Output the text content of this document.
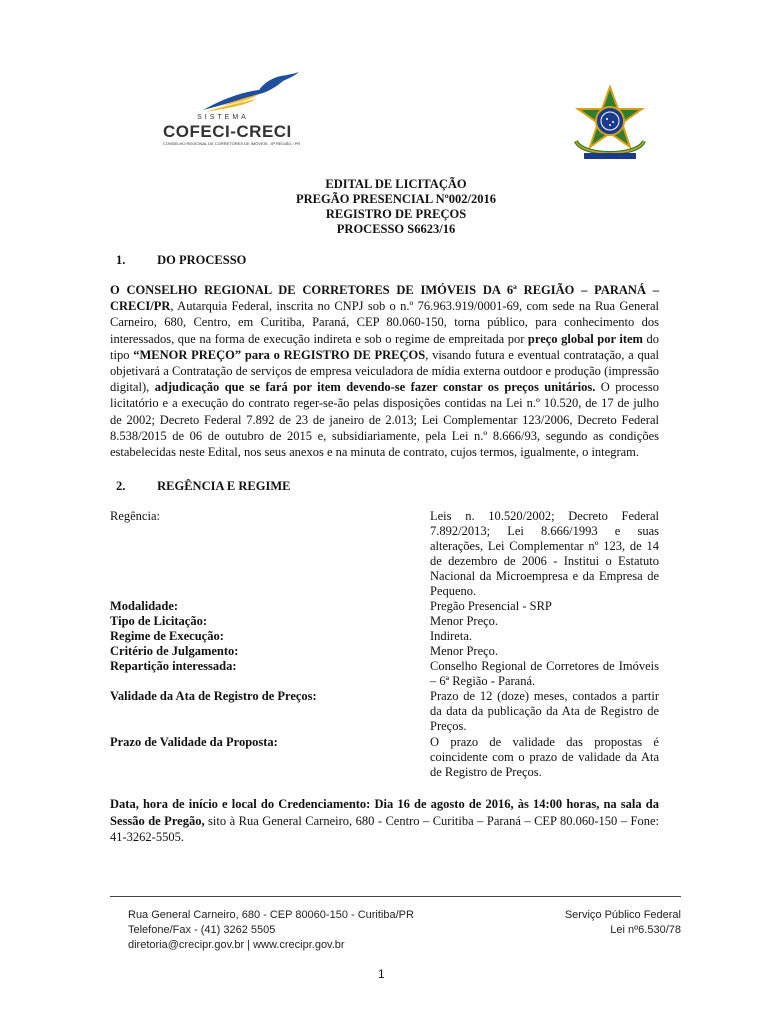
SISTEMA
COFECI-CRECI
CONSELHO REGIONAL DE CORRETORES DE IMÓVEIS - 6ª REGIÃO / PR
EDITAL DE LICITAÇÃO
PREGÃO PRESENCIAL Nº002/2016
REGISTRO DE PREÇOS
PROCESSO S6623/16
1.	DO PROCESSO
O CONSELHO REGIONAL DE CORRETORES DE IMÓVEIS DA 6ª REGIÃO – PARANÁ – CRECI/PR, Autarquia Federal, inscrita no CNPJ sob o n.º 76.963.919/0001-69, com sede na Rua General Carneiro, 680, Centro, em Curitiba, Paraná, CEP 80.060-150, torna público, para conhecimento dos interessados, que na forma de execução indireta e sob o regime de empreitada por preço global por item do tipo “MENOR PREÇO” para o REGISTRO DE PREÇOS, visando futura e eventual contratação, a qual objetivará a Contratação de serviços de empresa veiculadora de mídia externa outdoor e produção (impressão digital), adjudicação que se fará por item devendo-se fazer constar os preços unitários. O processo licitatório e a execução do contrato reger-se-ão pelas disposições contidas na Lei n.º 10.520, de 17 de julho de 2002; Decreto Federal 7.892 de 23 de janeiro de 2.013; Lei Complementar 123/2006, Decreto Federal 8.538/2015 de 06 de outubro de 2015 e, subsidiariamente, pela Lei n.º 8.666/93, segundo as condições estabelecidas neste Edital, nos seus anexos e na minuta de contrato, cujos termos, igualmente, o integram.
2.	REGÊNCIA E REGIME
Regência:	Leis n. 10.520/2002; Decreto Federal 7.892/2013; Lei 8.666/1993 e suas alterações, Lei Complementar nº 123, de 14 de dezembro de 2006 - Institui o Estatuto Nacional da Microempresa e da Empresa de Pequeno.
Modalidade:	Pregão Presencial - SRP
Tipo de Licitação:	Menor Preço.
Regime de Execução:	Indireta.
Critério de Julgamento:	Menor Preço.
Repartição interessada:	Conselho Regional de Corretores de Imóveis – 6ª Região - Paraná.
Validade da Ata de Registro de Preços:	Prazo de 12 (doze) meses, contados a partir da data da publicação da Ata de Registro de Preços.
Prazo de Validade da Proposta:	O prazo de validade das propostas é coincidente com o prazo de validade da Ata de Registro de Preços.
Data, hora de início e local do Credenciamento: Dia 16 de agosto de 2016, às 14:00 horas, na sala da Sessão de Pregão, sito à Rua General Carneiro, 680 - Centro – Curitiba – Paraná – CEP 80.060-150 – Fone: 41-3262-5505.
Rua General Carneiro, 680 - CEP 80060-150 - Curitiba/PR
Telefone/Fax - (41) 3262 5505
diretoria@crecipr.gov.br | www.crecipr.gov.br
Serviço Público Federal
Lei nº6.530/78
1
